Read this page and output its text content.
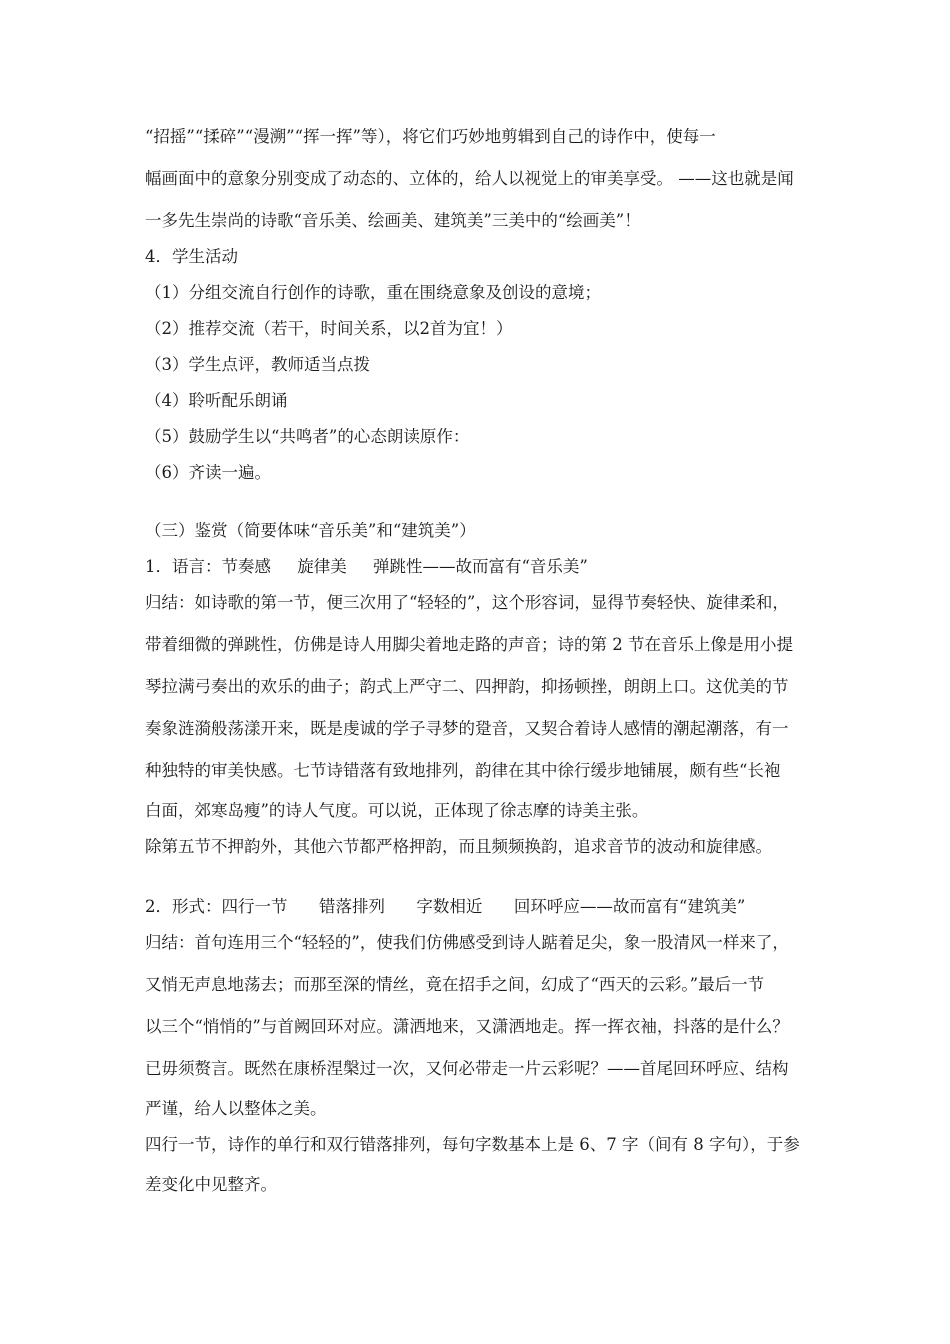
“招摇”“揉碎”“漫溯”“挥一挥”等），将它们巧妙地剪辑到自己的诗作中，使每一
幅画面中的意象分别变成了动态的、立体的，给人以视觉上的审美享受。 ——这也就是闻
一多先生崇尚的诗歌“音乐美、绘画美、建筑美”三美中的“绘画美”！
4．学生活动
（1）分组交流自行创作的诗歌，重在围绕意象及创设的意境；
（2）推荐交流（若干，时间关系，以2首为宜！）
（3）学生点评，教师适当点拨
（4）聆听配乐朗诵
（5）鼓励学生以“共鸣者”的心态朗读原作：
（6）齐读一遍。
（三）鉴赏（简要体味“音乐美”和“建筑美”）
1．语言：节奏感     旋律美     弹跳性——故而富有“音乐美”
归结：如诗歌的第一节，便三次用了“轻轻的”，这个形容词，显得节奏轻快、旋律柔和，
带着细微的弹跳性，仿佛是诗人用脚尖着地走路的声音；诗的第 2 节在音乐上像是用小提
琴拉满弓奏出的欢乐的曲子；韵式上严守二、四押韵，抑扬顿挫，朗朗上口。这优美的节
奏象涟漪般荡漾开来，既是虔诚的学子寻梦的跫音，又契合着诗人感情的潮起潮落，有一
种独特的审美快感。七节诗错落有致地排列，韵律在其中徐行缓步地铺展，颇有些“长袍
白面，郊寒岛瘦”的诗人气度。可以说，正体现了徐志摩的诗美主张。
除第五节不押韵外，其他六节都严格押韵，而且频频换韵，追求音节的波动和旋律感。
2．形式：四行一节      错落排列      字数相近      回环呼应——故而富有“建筑美”
归结：首句连用三个“轻轻的”，使我们仿佛感受到诗人踮着足尖，象一股清风一样来了，
又悄无声息地荡去；而那至深的情丝，竟在招手之间，幻成了“西天的云彩。”最后一节
以三个“悄悄的”与首阙回环对应。潇洒地来，又潇洒地走。挥一挥衣袖，抖落的是什么？
已毋须赘言。既然在康桥涅槃过一次，又何必带走一片云彩呢？——首尾回环呼应、结构
严谨，给人以整体之美。
四行一节，诗作的单行和双行错落排列，每句字数基本上是 6、7 字（间有 8 字句），于参
差变化中见整齐。
